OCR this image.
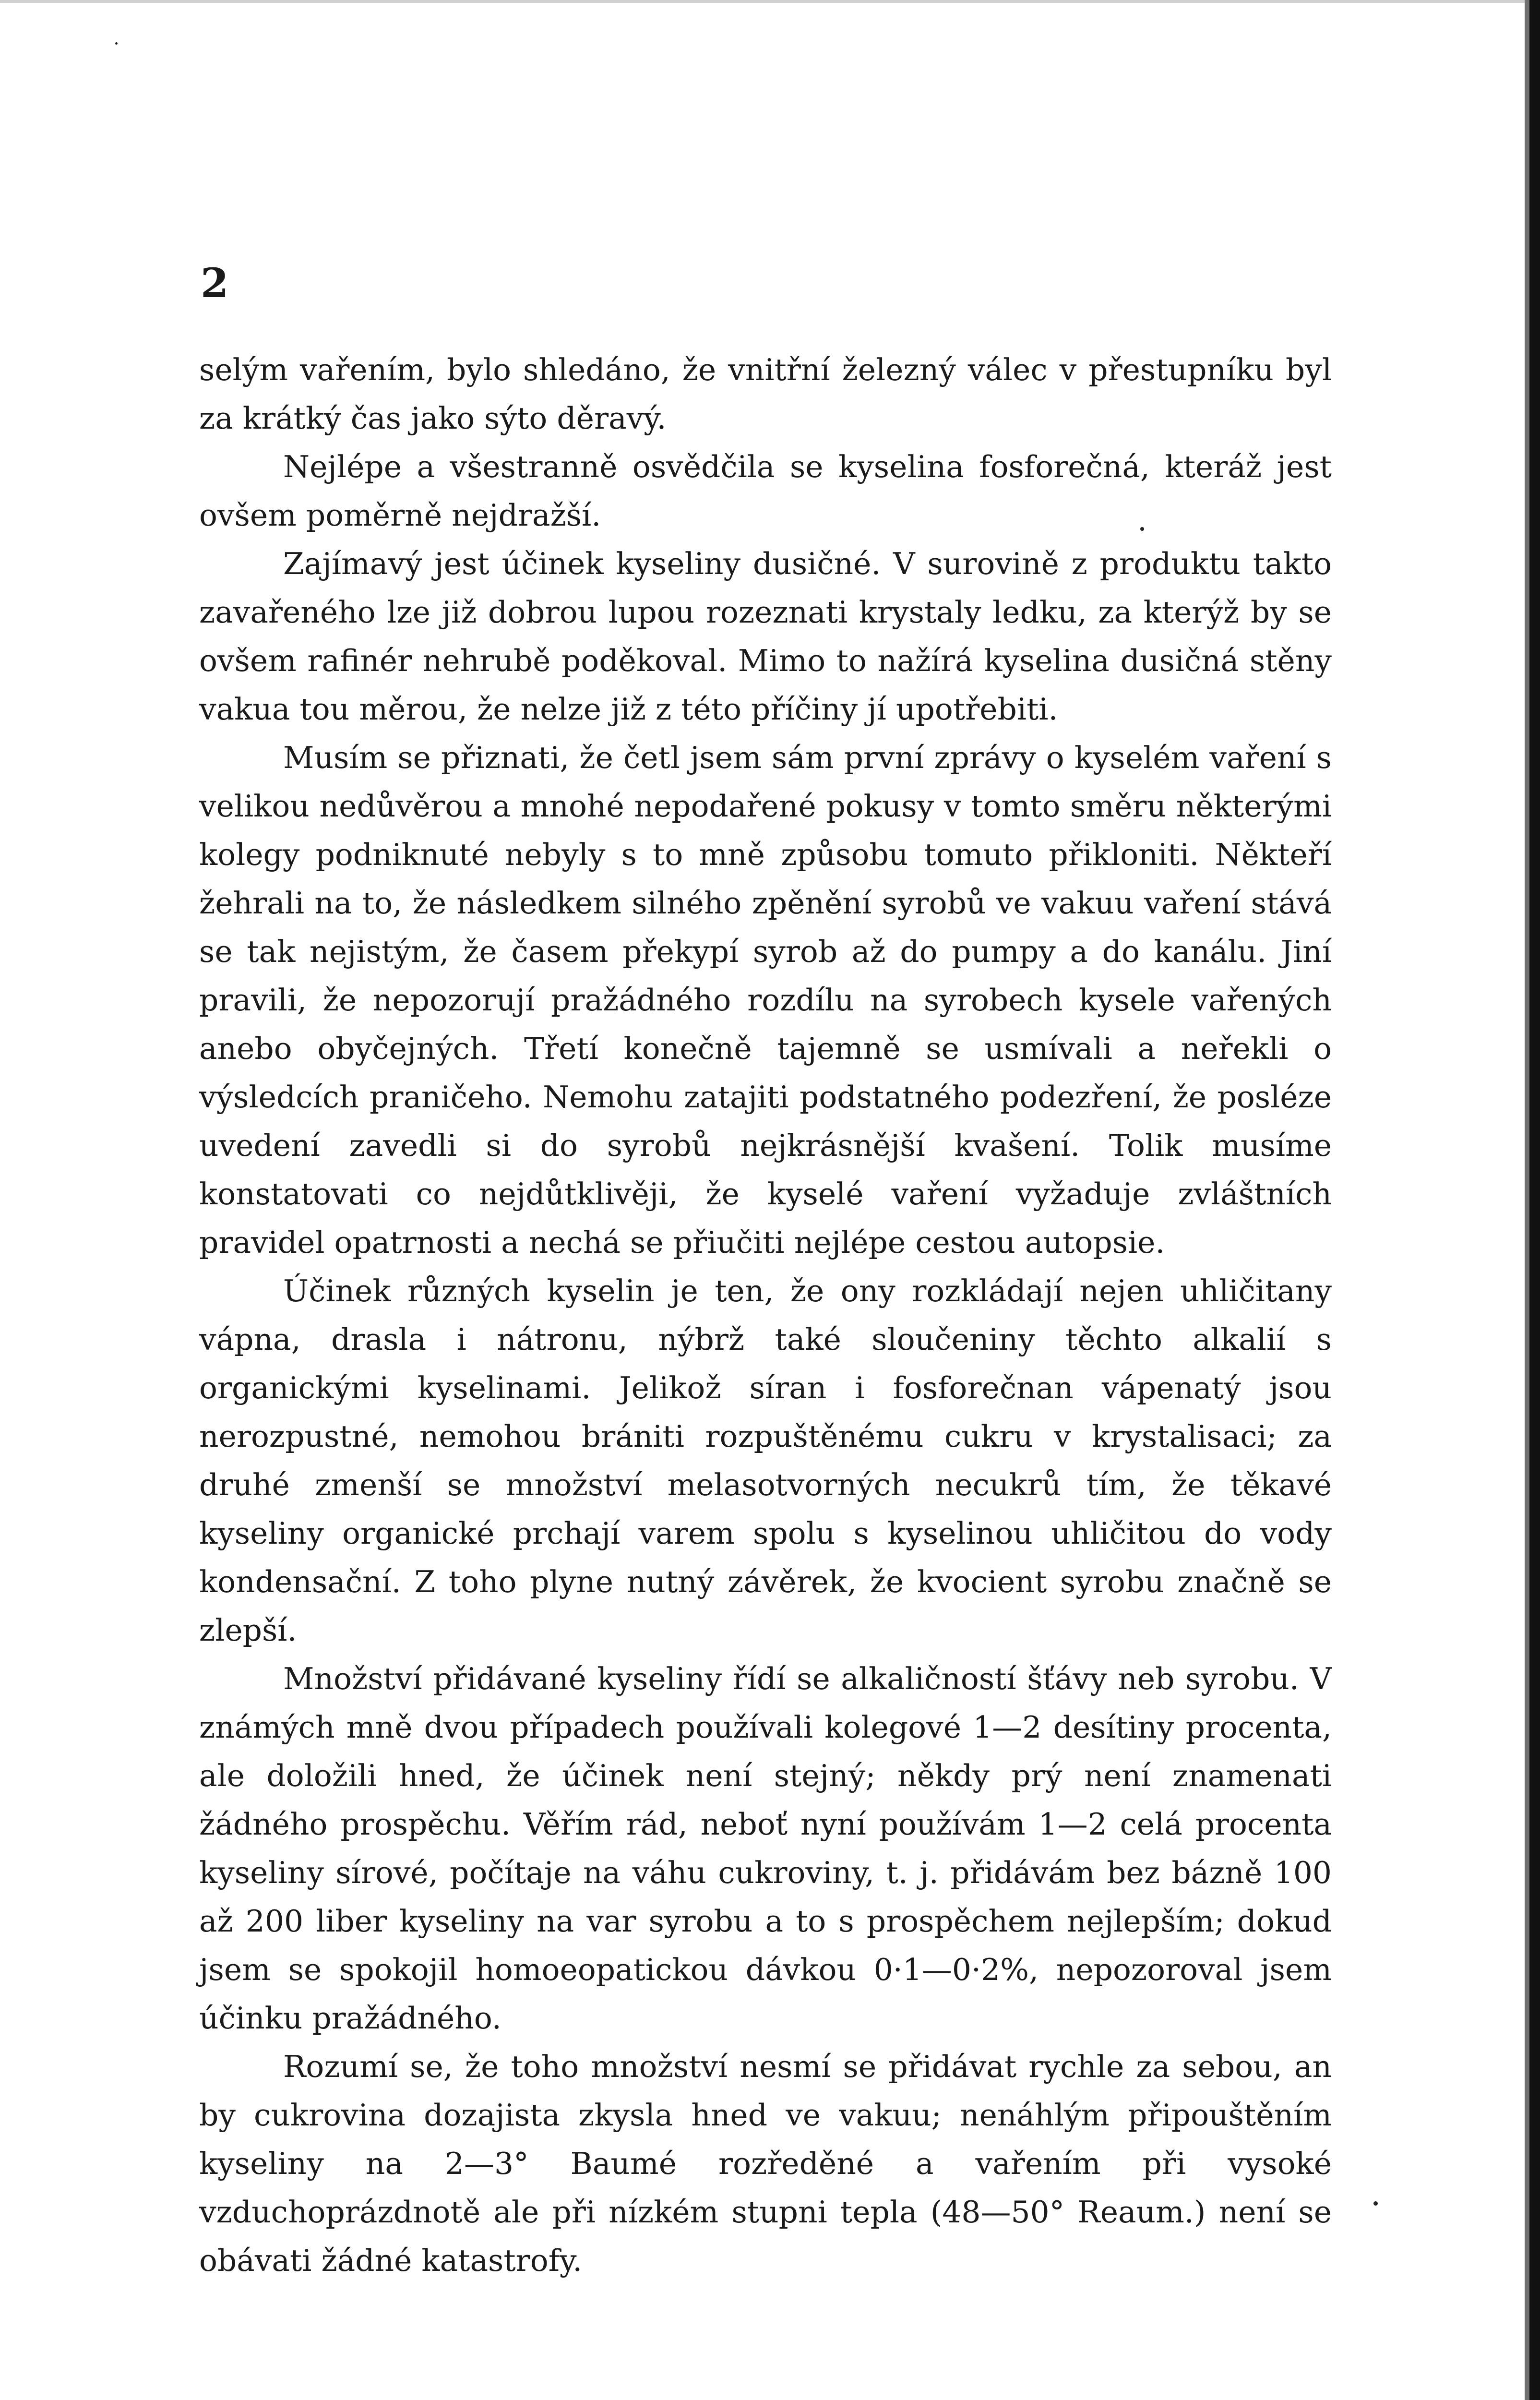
2

selým vařením, bylo shledáno, že vnitřní železný válec v přestupníku byl za krátký čas jako sýto děravý.

Nejlépe a všestranně osvědčila se kyselina fosforečná, kteráž jest ovšem poměrně nejdražší.

Zajímavý jest účinek kyseliny dusičné. V surovině z produktu takto zavařeného lze již dobrou lupou rozeznati krystaly ledku, za kterýž by se ovšem rafinér nehrubě poděkoval. Mimo to nažírá kyselina dusičná stěny vakua tou měrou, že nelze již z této příčiny jí upotřebiti.

Musím se přiznati, že četl jsem sám první zprávy o kyselém vaření s velikou nedůvěrou a mnohé nepodařené pokusy v tomto směru některými kolegy podniknuté nebyly s to mně způsobu tomuto přikloniti. Někteří žehrali na to, že následkem silného zpěnění syrobů ve vakuu vaření stává se tak nejistým, že časem překypí syrob až do pumpy a do kanálu. Jiní pravili, že nepozorují pražádného rozdílu na syrobech kysele vařených anebo obyčejných. Třetí konečně tajemně se usmívali a neřekli o výsledcích praničeho. Nemohu zatajiti podstatného podezření, že posléze uvedení zavedli si do syrobů nejkrásnější kvašení. Tolik musíme konstatovati co nejdůtklivěji, že kyselé vaření vyžaduje zvláštních pravidel opatrnosti a nechá se přiučiti nejlépe cestou autopsie.

Účinek různých kyselin je ten, že ony rozkládají nejen uhličitany vápna, drasla i nátronu, nýbrž také sloučeniny těchto alkalií s organickými kyselinami. Jelikož síran i fosforečnan vápenatý jsou nerozpustné, nemohou brániti rozpuštěnému cukru v krystalisaci; za druhé zmenší se množství melasotvorných necukrů tím, že těkavé kyseliny organické prchají varem spolu s kyselinou uhličitou do vody kondensační. Z toho plyne nutný závěrek, že kvocient syrobu značně se zlepší.

Množství přidávané kyseliny řídí se alkaličností šťávy neb syrobu. V známých mně dvou případech používali kolegové 1—2 desítiny procenta, ale doložili hned, že účinek není stejný; někdy prý není znamenati žádného prospěchu. Věřím rád, neboť nyní používám 1—2 celá procenta kyseliny sírové, počítaje na váhu cukroviny, t. j. přidávám bez bázně 100 až 200 liber kyseliny na var syrobu a to s prospěchem nejlepším; dokud jsem se spokojil homoeopatickou dávkou 0·1—0·2%, nepozoroval jsem účinku pražádného.

Rozumí se, že toho množství nesmí se přidávat rychle za sebou, an by cukrovina dozajista zkysla hned ve vakuu; nenáhlým připouštěním kyseliny na 2—3° Baumé rozředěné a vařením při vysoké vzduchoprázdnotě ale při nízkém stupni tepla (48—50° Reaum.) není se obávati žádné katastrofy.
